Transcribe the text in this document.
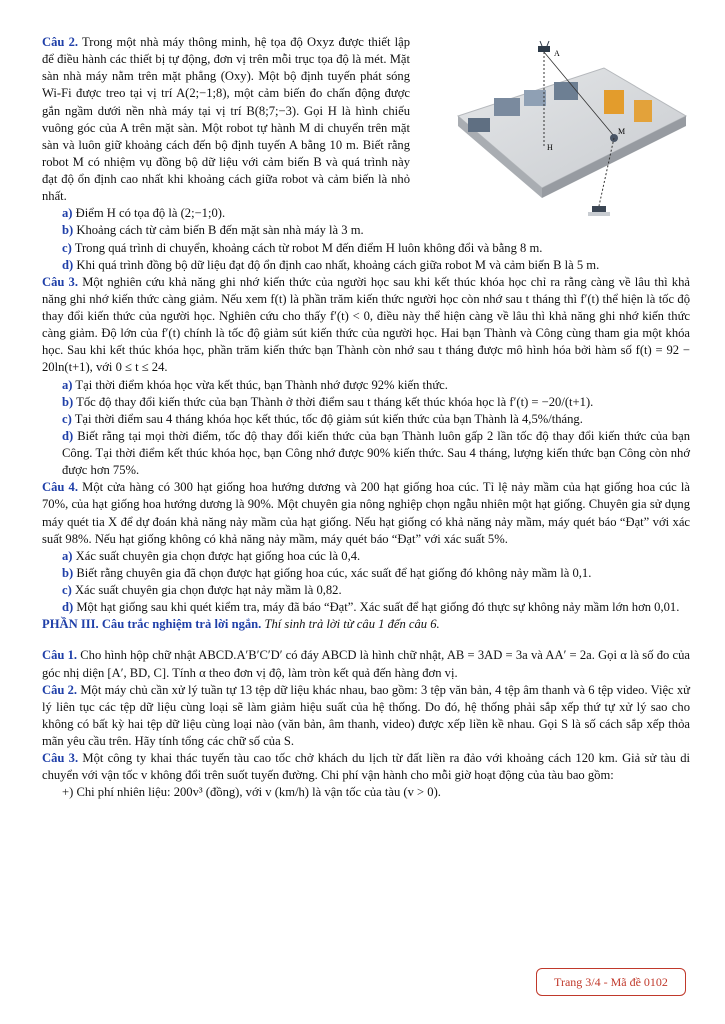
A
H
M

Câu 2. Trong một nhà máy thông minh, hệ tọa độ Oxyz được thiết lập để điều hành các thiết bị tự động, đơn vị trên mỗi trục tọa độ là mét. Mặt sàn nhà máy nằm trên mặt phẳng (Oxy). Một bộ định tuyến phát sóng Wi-Fi được treo tại vị trí A(2;−1;8), một cảm biến đo chấn động được gắn ngầm dưới nền nhà máy tại vị trí B(8;7;−3). Gọi H là hình chiếu vuông góc của A trên mặt sàn. Một robot tự hành M di chuyển trên mặt sàn và luôn giữ khoảng cách đến bộ định tuyến A bằng 10 m. Biết rằng robot M có nhiệm vụ đồng bộ dữ liệu với cảm biến B và quá trình này đạt độ ổn định cao nhất khi khoảng cách giữa robot và cảm biến là nhỏ nhất.

a) Điểm H có tọa độ là (2;−1;0).

b) Khoảng cách từ cảm biến B đến mặt sàn nhà máy là 3 m.

c) Trong quá trình di chuyển, khoảng cách từ robot M đến điểm H luôn không đổi và bằng 8 m.

d) Khi quá trình đồng bộ dữ liệu đạt độ ổn định cao nhất, khoảng cách giữa robot M và cảm biến B là 5 m.

Câu 3. Một nghiên cứu khả năng ghi nhớ kiến thức của người học sau khi kết thúc khóa học chỉ ra rằng càng về lâu thì khả năng ghi nhớ kiến thức càng giảm. Nếu xem f(t) là phần trăm kiến thức người học còn nhớ sau t tháng thì f′(t) thể hiện là tốc độ thay đổi kiến thức của người học. Nghiên cứu cho thấy f′(t) < 0, điều này thể hiện càng về lâu thì khả năng ghi nhớ kiến thức càng giảm. Độ lớn của f′(t) chính là tốc độ giảm sút kiến thức của người học. Hai bạn Thành và Công cùng tham gia một khóa học. Sau khi kết thúc khóa học, phần trăm kiến thức bạn Thành còn nhớ sau t tháng được mô hình hóa bởi hàm số f(t) = 92 − 20ln(t+1), với 0 ≤ t ≤ 24.

a) Tại thời điểm khóa học vừa kết thúc, bạn Thành nhớ được 92% kiến thức.

b) Tốc độ thay đổi kiến thức của bạn Thành ở thời điểm sau t tháng kết thúc khóa học là f′(t) = −20/(t+1).

c) Tại thời điểm sau 4 tháng khóa học kết thúc, tốc độ giảm sút kiến thức của bạn Thành là 4,5%/tháng.

d) Biết rằng tại mọi thời điểm, tốc độ thay đổi kiến thức của bạn Thành luôn gấp 2 lần tốc độ thay đổi kiến thức của bạn Công. Tại thời điểm kết thúc khóa học, bạn Công nhớ được 90% kiến thức. Sau 4 tháng, lượng kiến thức bạn Công còn nhớ được hơn 75%.

Câu 4. Một cửa hàng có 300 hạt giống hoa hướng dương và 200 hạt giống hoa cúc. Tỉ lệ nảy mầm của hạt giống hoa cúc là 70%, của hạt giống hoa hướng dương là 90%. Một chuyên gia nông nghiệp chọn ngẫu nhiên một hạt giống. Chuyên gia sử dụng máy quét tia X để dự đoán khả năng nảy mầm của hạt giống. Nếu hạt giống có khả năng nảy mầm, máy quét báo “Đạt” với xác suất 98%. Nếu hạt giống không có khả năng nảy mầm, máy quét báo “Đạt” với xác suất 5%.

a) Xác suất chuyên gia chọn được hạt giống hoa cúc là 0,4.

b) Biết rằng chuyên gia đã chọn được hạt giống hoa cúc, xác suất để hạt giống đó không nảy mầm là 0,1.

c) Xác suất chuyên gia chọn được hạt nảy mầm là 0,82.

d) Một hạt giống sau khi quét kiểm tra, máy đã báo “Đạt”. Xác suất để hạt giống đó thực sự không nảy mầm lớn hơn 0,01.

PHẦN III. Câu trắc nghiệm trả lời ngắn. Thí sinh trả lời từ câu 1 đến câu 6.

Câu 1. Cho hình hộp chữ nhật ABCD.A′B′C′D′ có đáy ABCD là hình chữ nhật, AB = 3AD = 3a và AA′ = 2a. Gọi α là số đo của góc nhị diện [A′, BD, C]. Tính α theo đơn vị độ, làm tròn kết quả đến hàng đơn vị.

Câu 2. Một máy chủ cần xử lý tuần tự 13 tệp dữ liệu khác nhau, bao gồm: 3 tệp văn bản, 4 tệp âm thanh và 6 tệp video. Việc xử lý liên tục các tệp dữ liệu cùng loại sẽ làm giảm hiệu suất của hệ thống. Do đó, hệ thống phải sắp xếp thứ tự xử lý sao cho không có bất kỳ hai tệp dữ liệu cùng loại nào (văn bản, âm thanh, video) được xếp liền kề nhau. Gọi S là số cách sắp xếp thỏa mãn yêu cầu trên. Hãy tính tổng các chữ số của S.

Câu 3. Một công ty khai thác tuyến tàu cao tốc chở khách du lịch từ đất liền ra đảo với khoảng cách 120 km. Giả sử tàu di chuyển với vận tốc v không đổi trên suốt tuyến đường. Chi phí vận hành cho mỗi giờ hoạt động của tàu bao gồm:

+) Chi phí nhiên liệu: 200v³ (đồng), với v (km/h) là vận tốc của tàu (v > 0).

Trang 3/4 - Mã đề 0102
